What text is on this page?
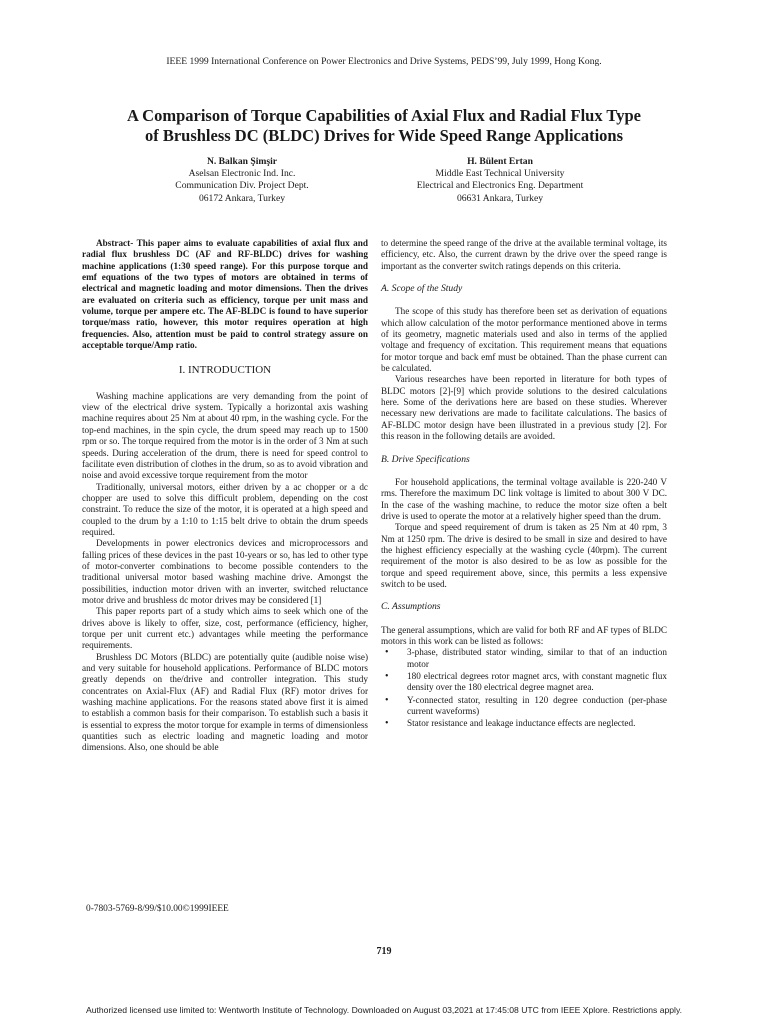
IEEE 1999 International Conference on Power Electronics and Drive Systems, PEDS’99, July 1999, Hong Kong.
A Comparison of Torque Capabilities of Axial Flux and Radial Flux Type
of Brushless DC (BLDC) Drives for Wide Speed Range Applications
N. Balkan Şimşir
Aselsan Electronic Ind. Inc.
Communication Div. Project Dept.
06172 Ankara, Turkey
H. Bülent Ertan
Middle East Technical University
Electrical and Electronics Eng. Department
06631 Ankara, Turkey

Abstract- This paper aims to evaluate capabilities of axial flux and radial flux brushless DC (AF and RF-BLDC) drives for washing machine applications (1:30 speed range). For this purpose torque and emf equations of the two types of motors are obtained in terms of electrical and magnetic loading and motor dimensions. Then the drives are evaluated on criteria such as efficiency, torque per unit mass and volume, torque per ampere etc. The AF-BLDC is found to have superior torque/mass ratio, however, this motor requires operation at high frequencies. Also, attention must be paid to control strategy assure on acceptable torque/Amp ratio.

I. INTRODUCTION

Washing machine applications are very demanding from the point of view of the electrical drive system. Typically a horizontal axis washing machine requires about 25 Nm at about 40 rpm, in the washing cycle. For the top-end machines, in the spin cycle, the drum speed may reach up to 1500 rpm or so. The torque required from the motor is in the order of 3 Nm at such speeds. During acceleration of the drum, there is need for speed control to facilitate even distribution of clothes in the drum, so as to avoid vibration and noise and avoid excessive torque requirement from the motor

Traditionally, universal motors, either driven by a ac chopper or a dc chopper are used to solve this difficult problem, depending on the cost constraint. To reduce the size of the motor, it is operated at a high speed and coupled to the drum by a 1:10 to 1:15 belt drive to obtain the drum speeds required.

Developments in power electronics devices and microprocessors and falling prices of these devices in the past 10-years or so, has led to other type of motor-converter combinations to become possible contenders to the traditional universal motor based washing machine drive. Amongst the possibilities, induction motor driven with an inverter, switched reluctance motor drive and brushless dc motor drives may be considered [1]

This paper reports part of a study which aims to seek which one of the drives above is likely to offer, size, cost, performance (efficiency, higher, torque per unit current etc.) advantages while meeting the performance requirements.

Brushless DC Motors (BLDC) are potentially quite (audible noise wise) and very suitable for household applications. Performance of BLDC motors greatly depends on the/drive and controller integration. This study concentrates on Axial-Flux (AF) and Radial Flux (RF) motor drives for washing machine applications. For the reasons stated above first it is aimed to establish a common basis for their comparison. To establish such a basis it is essential to express the motor torque for example in terms of dimensionless quantities such as electric loading and magnetic loading and motor dimensions. Also, one should be able

to determine the speed range of the drive at the available terminal voltage, its efficiency, etc. Also, the current drawn by the drive over the speed range is important as the converter switch ratings depends on this criteria.

A. Scope of the Study

The scope of this study has therefore been set as derivation of equations which allow calculation of the motor performance mentioned above in terms of its geometry, magnetic materials used and also in terms of the applied voltage and frequency of excitation. This requirement means that equations for motor torque and back emf must be obtained. Than the phase current can be calculated.

Various researches have been reported in literature for both types of BLDC motors [2]-[9] which provide solutions to the desired calculations here. Some of the derivations here are based on these studies. Wherever necessary new derivations are made to facilitate calculations. The basics of AF-BLDC motor design have been illustrated in a previous study [2]. For this reason in the following details are avoided.

B. Drive Specifications

For household applications, the terminal voltage available is 220-240 V rms. Therefore the maximum DC link voltage is limited to about 300 V DC. In the case of the washing machine, to reduce the motor size often a belt drive is used to operate the motor at a relatively higher speed than the drum.

Torque and speed requirement of drum is taken as 25 Nm at 40 rpm, 3 Nm at 1250 rpm. The drive is desired to be small in size and desired to have the highest efficiency especially at the washing cycle (40rpm). The current requirement of the motor is also desired to be as low as possible for the torque and speed requirement above, since, this permits a less expensive switch to be used.

C. Assumptions

The general assumptions, which are valid for both RF and AF types of BLDC motors in this work can be listed as follows:

• 3-phase, distributed stator winding, similar to that of an induction motor
• 180 electrical degrees rotor magnet arcs, with constant magnetic flux density over the 180 electrical degree magnet area.
• Y-connected stator, resulting in 120 degree conduction (per-phase current waveforms)
• Stator resistance and leakage inductance effects are neglected.
0-7803-5769-8/99/$10.00©1999IEEE
719
Authorized licensed use limited to: Wentworth Institute of Technology. Downloaded on August 03,2021 at 17:45:08 UTC from IEEE Xplore. Restrictions apply.
